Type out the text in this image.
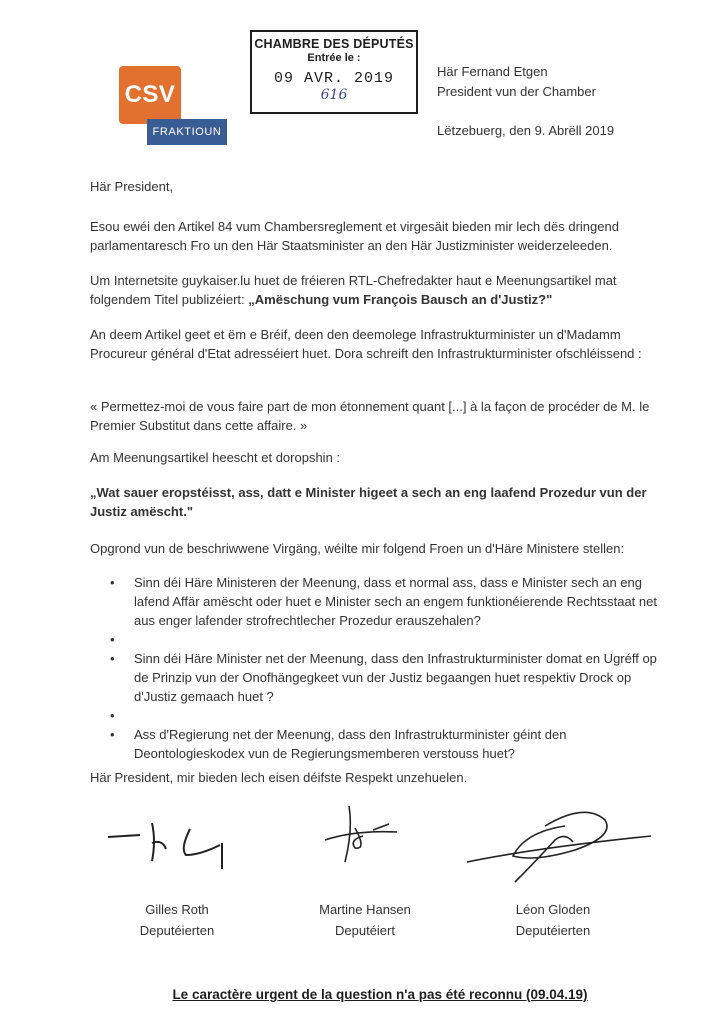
CSV
FRAKTIOUN
CHAMBRE DES DÉPUTÉS
Entrée le :
09 AVR. 2019
616
Här Fernand Etgen
President vun der Chamber
Lëtzebuerg, den 9. Abrëll 2019
Här President,
Esou ewéi den Artikel 84 vum Chambersreglement et virgesäit bieden mir lech dës dringend parlamentaresch Fro un den Här Staatsminister an den Här Justizminister weiderzeleeden.
Um Internetsite guykaiser.lu huet de fréieren RTL-Chefredakter haut e Meenungsartikel mat folgendem Titel publizéiert: „Amëschung vum François Bausch an d'Justiz?"
An deem Artikel geet et ëm e Bréif, deen den deemolege Infrastrukturminister un d'Madamm Procureur général d'Etat adresséiert huet. Dora schreift den Infrastrukturminister ofschléissend :
« Permettez-moi de vous faire part de mon étonnement quant [...] à la façon de procéder de M. le Premier Substitut dans cette affaire. »
Am Meenungsartikel heescht et doropshin :
„Wat sauer eropstéisst, ass, datt e Minister higeet a sech an eng laafend Prozedur vun der Justiz amëscht."
Opgrond vun de beschriwwene Virgäng, wéilte mir folgend Froen un d'Häre Ministere stellen:
• Sinn déi Häre Ministeren der Meenung, dass et normal ass, dass e Minister sech an eng lafend Affär amëscht oder huet e Minister sech an engem funktionéierende Rechtsstaat net aus enger lafender strofrechtlecher Prozedur erauszehalen?
•
• Sinn déi Häre Minister net der Meenung, dass den Infrastrukturminister domat en Ugréff op de Prinzip vun der Onofhängegkeet vun der Justiz begaangen huet respektiv Drock op d'Justiz gemaach huet ?
•
• Ass d'Regierung net der Meenung, dass den Infrastrukturminister géint den Deontologieskodex vun de Regierungsmemberen verstouss huet?
Här President, mir bieden lech eisen déifste Respekt unzehuelen.
Gilles Roth
Deputéierten
Martine Hansen
Deputéiert
Léon Gloden
Deputéierten
Le caractère urgent de la question n'a pas été reconnu (09.04.19)
